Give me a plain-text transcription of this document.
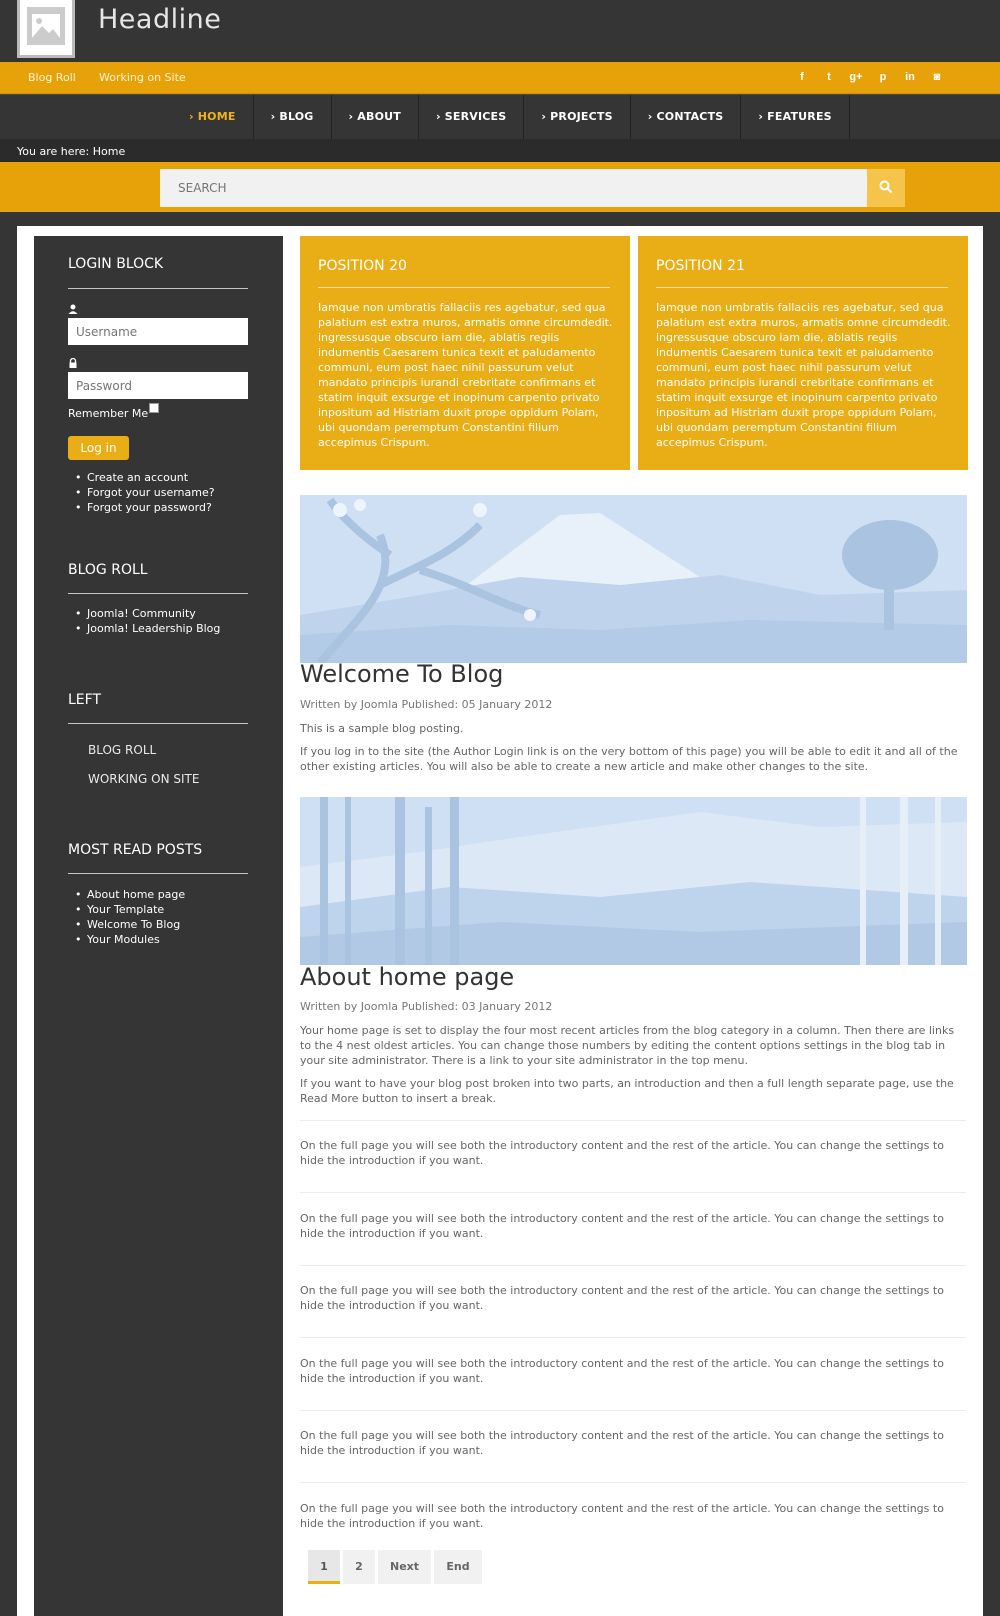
Headline
Blog Roll Working on Site	f	t	g+	p	in	◙
› HOME	› BLOG	› ABOUT	› SERVICES	› PROJECTS	› CONTACTS	› FEATURES
You are here: Home
SEARCH
LOGIN BLOCK
Username
Remember Me
Log in
• Create an account
• Forgot your username?
• Forgot your password?
BLOG ROLL
• Joomla! Community
• Joomla! Leadership Blog
LEFT
BLOG ROLL
WORKING ON SITE
MOST READ POSTS
• About home page
• Your Template
• Welcome To Blog
• Your Modules
POSITION 20
Iamque non umbratis fallaciis res agebatur, sed qua palatium est extra muros, armatis omne circumdedit. ingressusque obscuro iam die, ablatis regiis indumentis Caesarem tunica texit et paludamento communi, eum post haec nihil passurum velut mandato principis iurandi crebritate confirmans et statim inquit exsurge et inopinum carpento privato inpositum ad Histriam duxit prope oppidum Polam, ubi quondam peremptum Constantini filium accepimus Crispum.
POSITION 21
Iamque non umbratis fallaciis res agebatur, sed qua palatium est extra muros, armatis omne circumdedit. ingressusque obscuro iam die, ablatis regiis indumentis Caesarem tunica texit et paludamento communi, eum post haec nihil passurum velut mandato principis iurandi crebritate confirmans et statim inquit exsurge et inopinum carpento privato inpositum ad Histriam duxit prope oppidum Polam, ubi quondam peremptum Constantini filium accepimus Crispum.
Welcome To Blog
Written by Joomla Published: 05 January 2012
This is a sample blog posting.
If you log in to the site (the Author Login link is on the very bottom of this page) you will be able to edit it and all of the other existing articles. You will also be able to create a new article and make other changes to the site.
About home page
Written by Joomla Published: 03 January 2012
Your home page is set to display the four most recent articles from the blog category in a column. Then there are links to the 4 nest oldest articles. You can change those numbers by editing the content options settings in the blog tab in your site administrator. There is a link to your site administrator in the top menu.
If you want to have your blog post broken into two parts, an introduction and then a full length separate page, use the Read More button to insert a break.
On the full page you will see both the introductory content and the rest of the article. You can change the settings to hide the introduction if you want.
On the full page you will see both the introductory content and the rest of the article. You can change the settings to hide the introduction if you want.
On the full page you will see both the introductory content and the rest of the article. You can change the settings to hide the introduction if you want.
On the full page you will see both the introductory content and the rest of the article. You can change the settings to hide the introduction if you want.
On the full page you will see both the introductory content and the rest of the article. You can change the settings to hide the introduction if you want.
On the full page you will see both the introductory content and the rest of the article. You can change the settings to hide the introduction if you want.
1	2	Next	End
